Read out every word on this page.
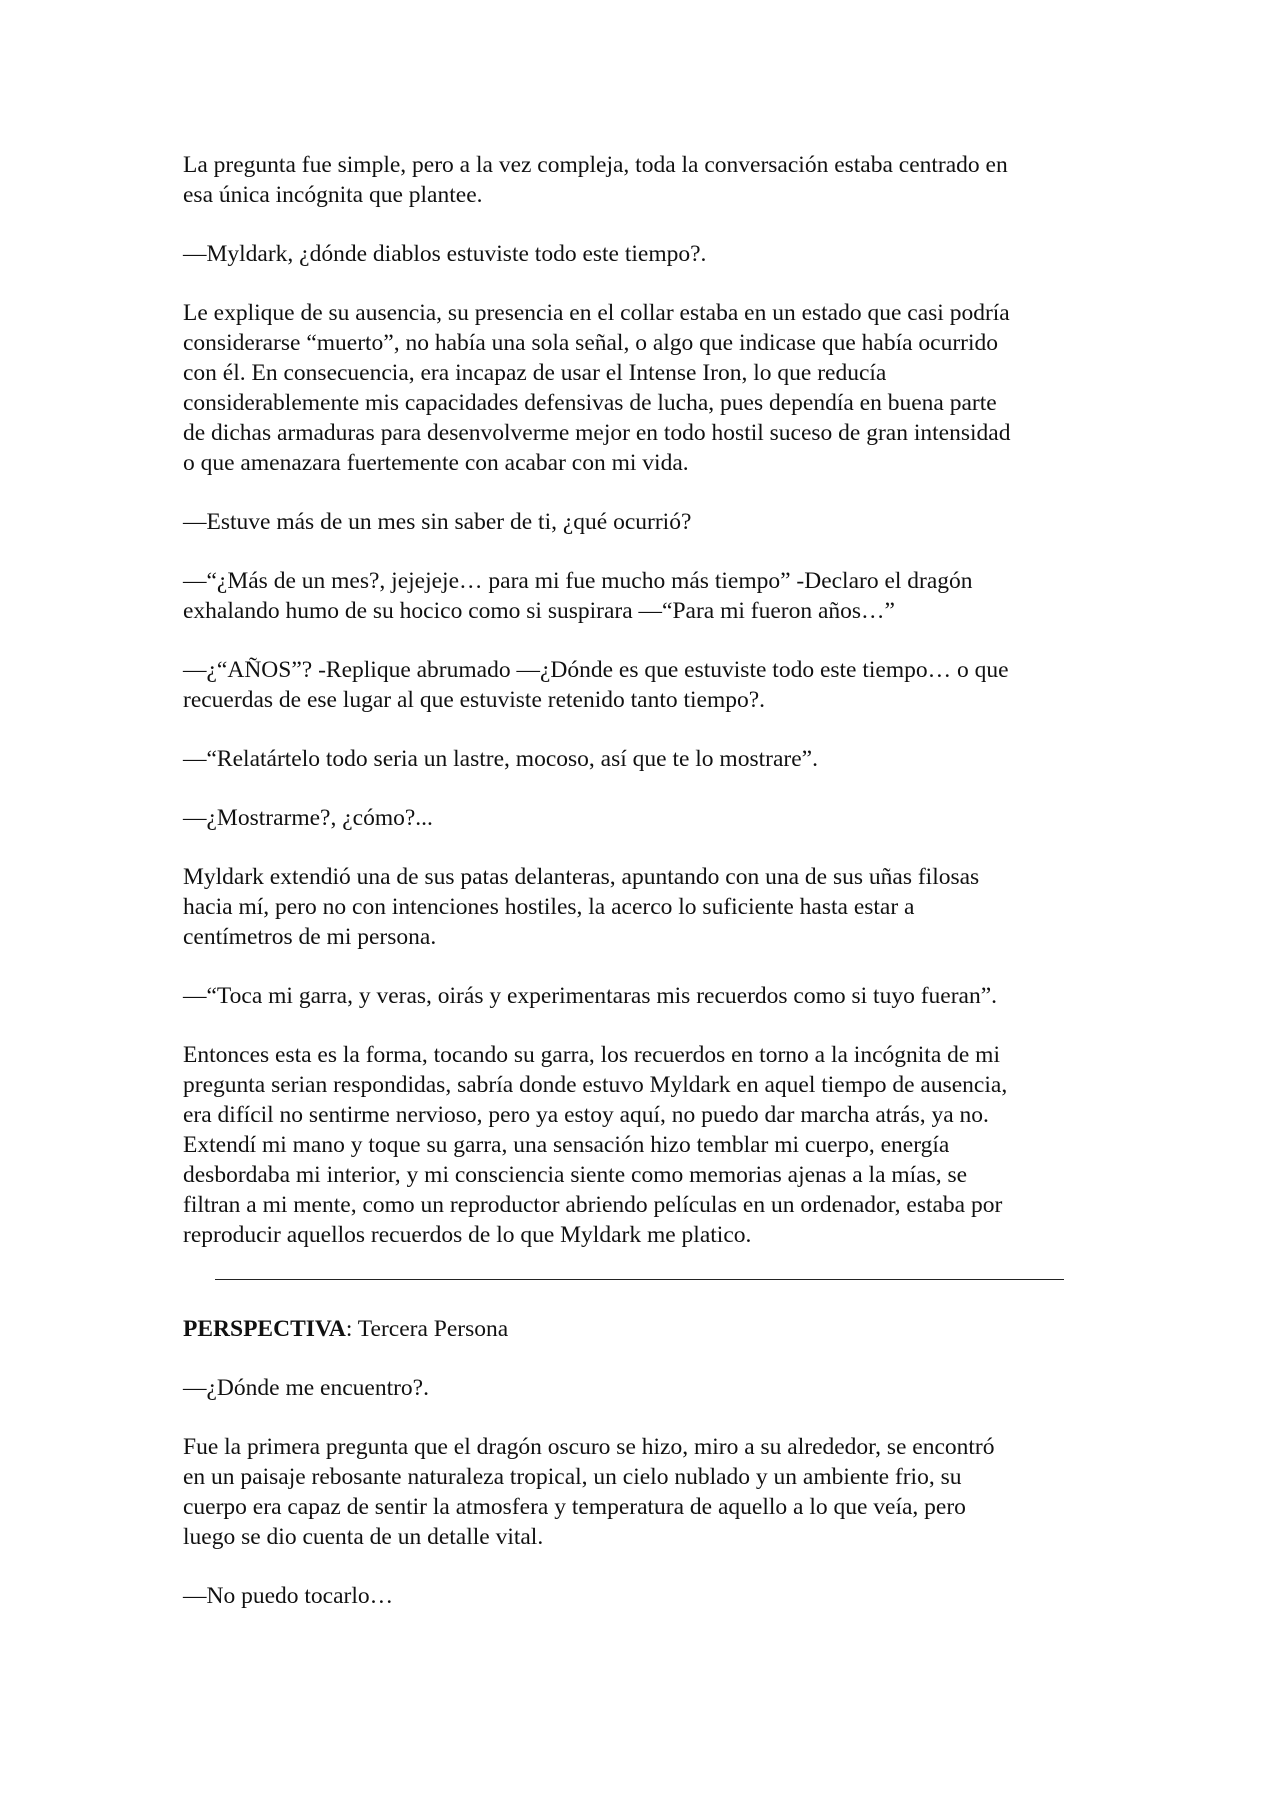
La pregunta fue simple, pero a la vez compleja, toda la conversación estaba centrado en
esa única incógnita que plantee.

—Myldark, ¿dónde diablos estuviste todo este tiempo?.

Le explique de su ausencia, su presencia en el collar estaba en un estado que casi podría
considerarse “muerto”, no había una sola señal, o algo que indicase que había ocurrido
con él. En consecuencia, era incapaz de usar el Intense Iron, lo que reducía
considerablemente mis capacidades defensivas de lucha, pues dependía en buena parte
de dichas armaduras para desenvolverme mejor en todo hostil suceso de gran intensidad
o que amenazara fuertemente con acabar con mi vida.

—Estuve más de un mes sin saber de ti, ¿qué ocurrió?

—“¿Más de un mes?, jejejeje… para mi fue mucho más tiempo” -Declaro el dragón
exhalando humo de su hocico como si suspirara —“Para mi fueron años…”

—¿“AÑOS”? -Replique abrumado —¿Dónde es que estuviste todo este tiempo… o que
recuerdas de ese lugar al que estuviste retenido tanto tiempo?.

—“Relatártelo todo seria un lastre, mocoso, así que te lo mostrare”.

—¿Mostrarme?, ¿cómo?...

Myldark extendió una de sus patas delanteras, apuntando con una de sus uñas filosas
hacia mí, pero no con intenciones hostiles, la acerco lo suficiente hasta estar a
centímetros de mi persona.

—“Toca mi garra, y veras, oirás y experimentaras mis recuerdos como si tuyo fueran”.

Entonces esta es la forma, tocando su garra, los recuerdos en torno a la incógnita de mi
pregunta serian respondidas, sabría donde estuvo Myldark en aquel tiempo de ausencia,
era difícil no sentirme nervioso, pero ya estoy aquí, no puedo dar marcha atrás, ya no.
Extendí mi mano y toque su garra, una sensación hizo temblar mi cuerpo, energía
desbordaba mi interior, y mi consciencia siente como memorias ajenas a la mías, se
filtran a mi mente, como un reproductor abriendo películas en un ordenador, estaba por
reproducir aquellos recuerdos de lo que Myldark me platico.

PERSPECTIVA: Tercera Persona

—¿Dónde me encuentro?.

Fue la primera pregunta que el dragón oscuro se hizo, miro a su alrededor, se encontró
en un paisaje rebosante naturaleza tropical, un cielo nublado y un ambiente frio, su
cuerpo era capaz de sentir la atmosfera y temperatura de aquello a lo que veía, pero
luego se dio cuenta de un detalle vital.

—No puedo tocarlo…
